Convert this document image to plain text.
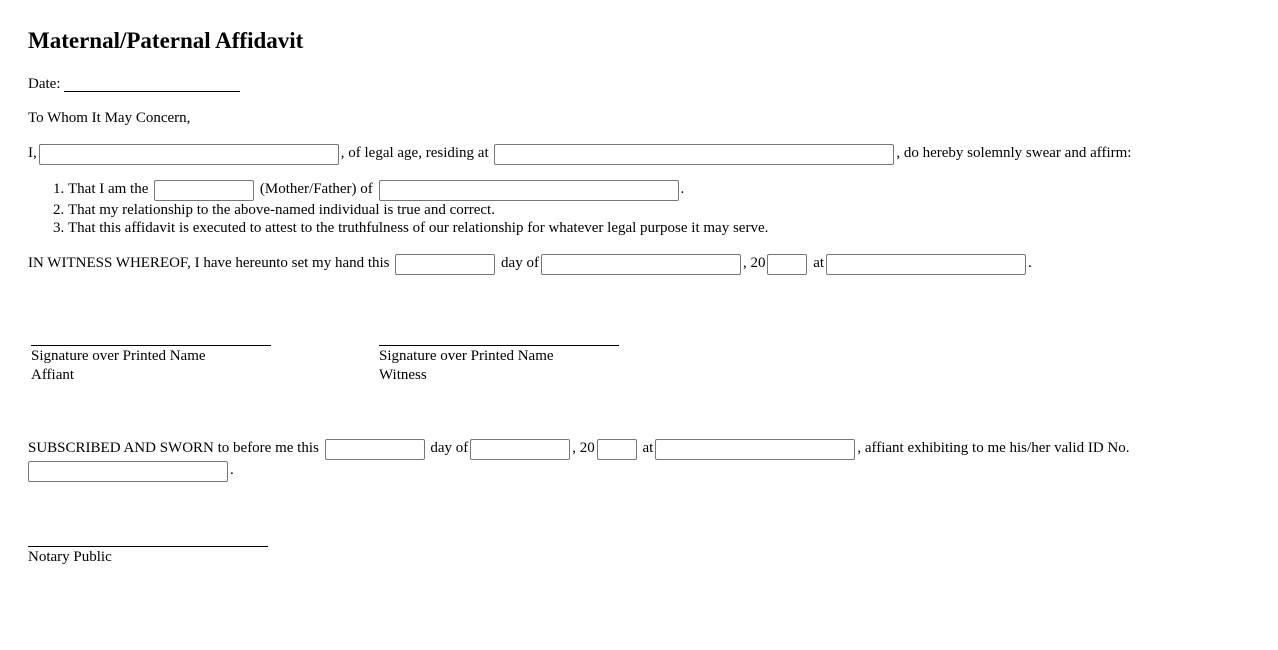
Maternal/Paternal Affidavit
Date:
To Whom It May Concern,
I,	, of legal age, residing at	, do hereby solemnly swear and affirm:
1. That I am the	(Mother/Father) of	.
2. That my relationship to the above-named individual is true and correct.
3. That this affidavit is executed to attest to the truthfulness of our relationship for whatever legal purpose it may serve.
IN WITNESS WHEREOF, I have hereunto set my hand this	day of	, 20	at	.
Signature over Printed Name
Affiant
Signature over Printed Name
Witness
SUBSCRIBED AND SWORN to before me this	day of	, 20	at	, affiant exhibiting to me his/her valid ID No.
.
Notary Public
